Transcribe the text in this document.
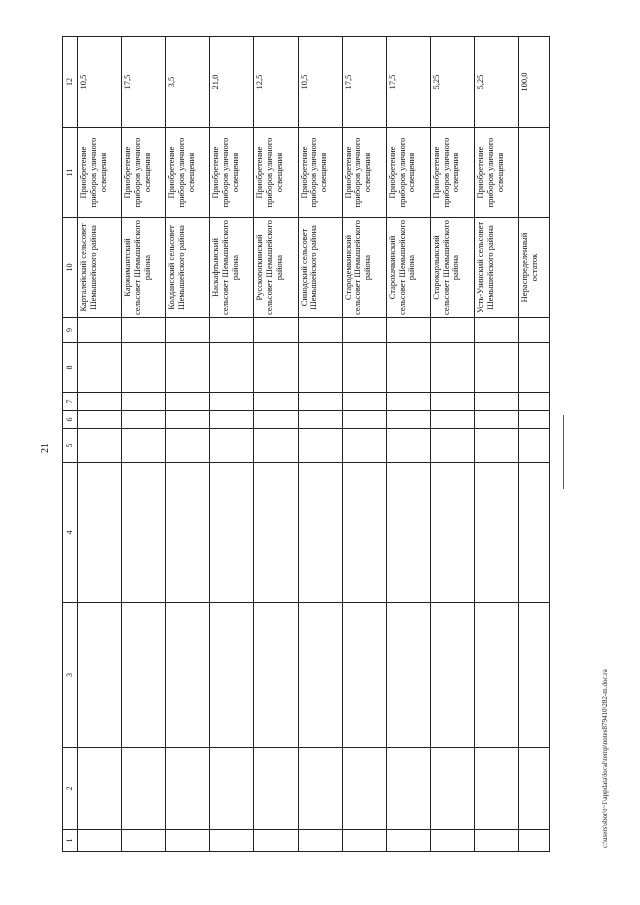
21
1	2	3	4	5	6	7	8	9	10	11	12
									Карталейский сельсовет Шемышейского района	Приобретение приборов уличного освещения	10,5
									Каржимантский сельсовет Шемышейского района	Приобретение приборов уличного освещения	17,5
									Колдаисский сельсовет Шемышейского района	Приобретение приборов уличного освещения	3,5
									Наскафтымский сельсовет Шемышейского района	Приобретение приборов уличного освещения	21,0
									Русскоnorкинский сельсовет Шемышейского района	Приобретение приборов уличного освещения	12,5
									Синодский сельсовет Шемышейского района	Приобретение приборов уличного освещения	10,5
									Стародемкинский сельсовет Шемышейского района	Приобретение приборов уличного освещения	17,5
									Старохачкинский сельсовет Шемышейского района	Приобретение приборов уличного освещения	17,5
									Старокарлыкский сельсовет Шемышейского района	Приобретение приборов уличного освещения	5,25
									Усть-Узинский сельсовет Шемышейского района	Приобретение приборов уличного освещения	5,25
									Нераспределенный остаток		100,0
c:\users\sbor\t~1\appdata\local\temp\notes879410\282-m.doc.ra
